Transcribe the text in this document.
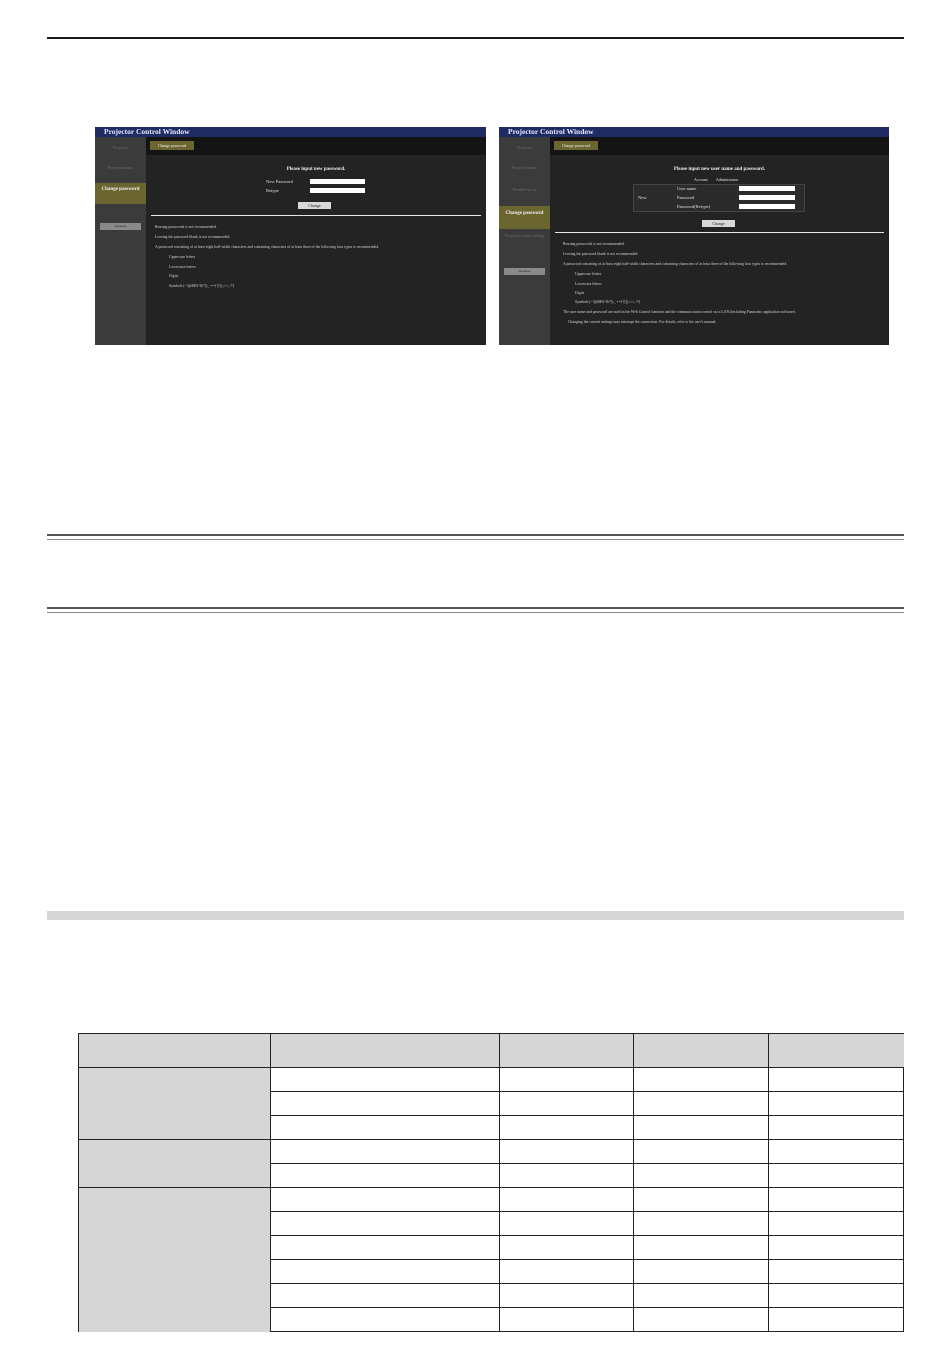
Projector Control Window
Projector
Projector status
Change password
Japanese
Change password
Please input new password.
New Password
Retype
Change
Reusing passwords is not recommended.
Leaving the password blank is not recommended.
A password consisting of at least eight half-width characters and containing characters of at least three of the following four types is recommended.
Uppercase letters
Lowercase letters
Digits
Symbols (~!@#$%^&*()_-+={}[]|:;<>,.?/)
Projector Control Window
Projector
Projector status
Detailed set up
Change password
Projector control setting
Japanese
Change password
Please input new user name and password.
Account Administrator
New
User name
Password
Password(Retype)
Change
Reusing passwords is not recommended.
Leaving the password blank is not recommended.
A password consisting of at least eight half-width characters and containing characters of at least three of the following four types is recommended.
Uppercase letters
Lowercase letters
Digits
Symbols (~!@#$%^&*()_-+={}[]|:;<>,.?/)
The user name and password are used in the Web Control function and the communication control via a LAN (including Panasonic application software).
Changing the current settings may interrupt the connection. For details, refer to the user's manual.
